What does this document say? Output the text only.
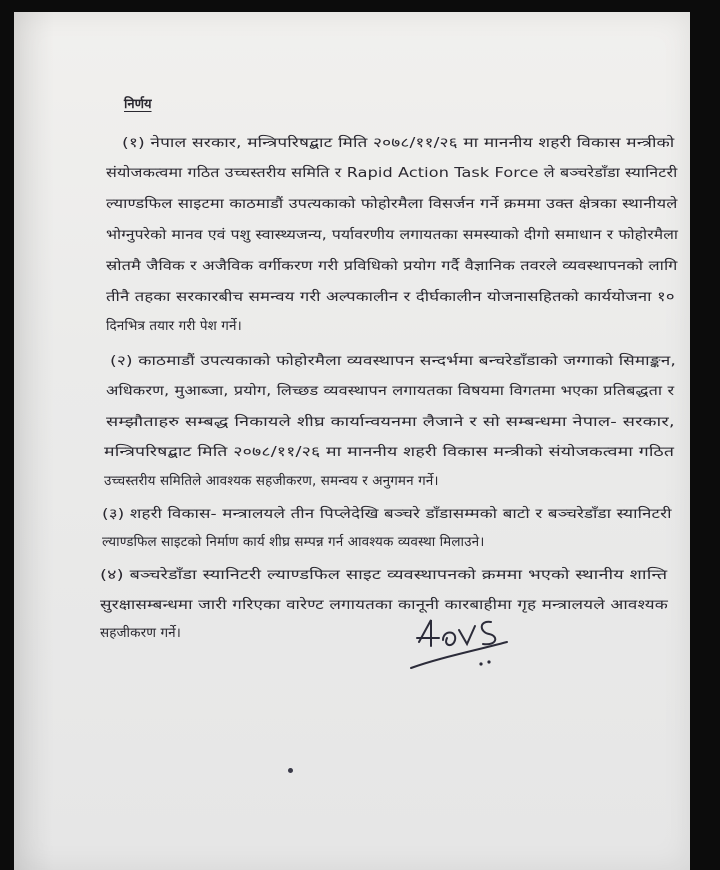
निर्णय
(१) नेपाल सरकार, मन्त्रिपरिषद्बाट मिति २०७८/११/२६ मा माननीय शहरी विकास मन्त्रीको
संयोजकत्वमा गठित उच्चस्तरीय समिति र Rapid Action Task Force ले बञ्चरेडाँडा स्यानिटरी
ल्याण्डफिल साइटमा काठमाडौं उपत्यकाको फोहोरमैला विसर्जन गर्ने क्रममा उक्त क्षेत्रका स्थानीयले
भोग्नुपरेको मानव एवं पशु स्वास्थ्यजन्य, पर्यावरणीय लगायतका समस्याको दीगो समाधान र फोहोरमैला
स्रोतमै जैविक र अजैविक वर्गीकरण गरी प्रविधिको प्रयोग गर्दै वैज्ञानिक तवरले व्यवस्थापनको लागि
तीनै तहका सरकारबीच समन्वय गरी अल्पकालीन र दीर्घकालीन योजनासहितको कार्ययोजना १०
दिनभित्र तयार गरी पेश गर्ने।
(२) काठमाडौं उपत्यकाको फोहोरमैला व्यवस्थापन सन्दर्भमा बन्चरेडाँडाको जग्गाको सिमाङ्कन,
अधिकरण, मुआब्जा, प्रयोग, लिच्छड व्यवस्थापन लगायतका विषयमा विगतमा भएका प्रतिबद्धता र
सम्झौताहरु सम्बद्ध निकायले शीघ्र कार्यान्वयनमा लैजाने र सो सम्बन्धमा नेपाल- सरकार,
मन्त्रिपरिषद्बाट मिति २०७८/११/२६ मा माननीय शहरी विकास मन्त्रीको संयोजकत्वमा गठित
उच्चस्तरीय समितिले आवश्यक सहजीकरण, समन्वय र अनुगमन गर्ने।
(३) शहरी विकास- मन्त्रालयले तीन पिप्लेदेखि बञ्चरे डाँडासम्मको बाटो र बञ्चरेडाँडा स्यानिटरी
ल्याण्डफिल साइटको निर्माण कार्य शीघ्र सम्पन्न गर्न आवश्यक व्यवस्था मिलाउने।
(४) बञ्चरेडाँडा स्यानिटरी ल्याण्डफिल साइट व्यवस्थापनको क्रममा भएको स्थानीय शान्ति
सुरक्षासम्बन्धमा जारी गरिएका वारेण्ट लगायतका कानूनी कारबाहीमा गृह मन्त्रालयले आवश्यक
सहजीकरण गर्ने।
